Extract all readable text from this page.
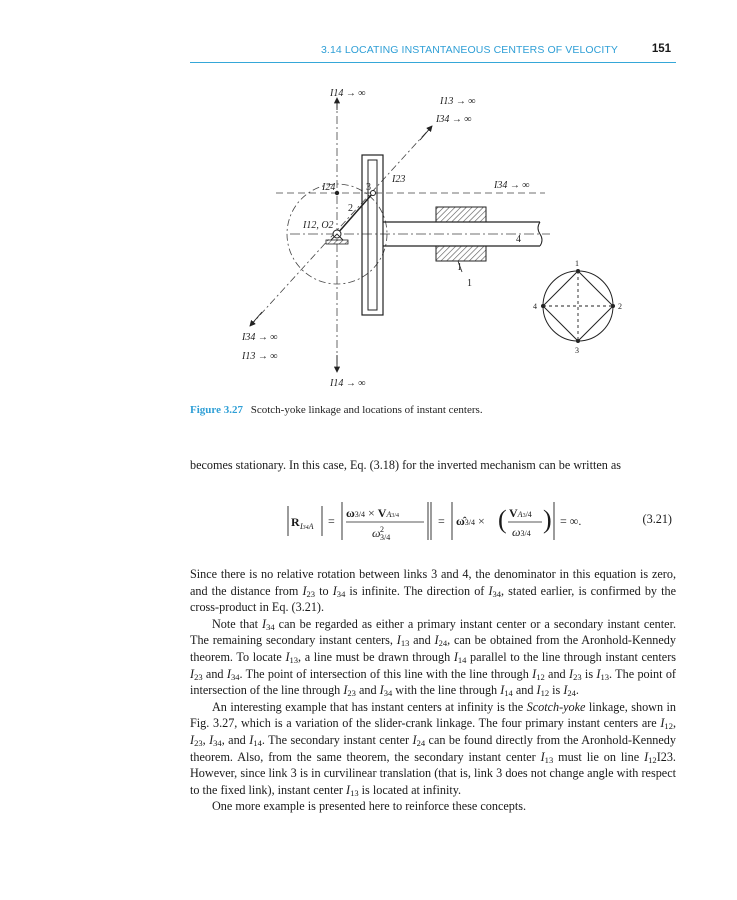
3.14 LOCATING INSTANTANEOUS CENTERS OF VELOCITY	151
I14 → ∞
I13 → ∞
I34 → ∞
I34 → ∞
I24
I23
I12, O2
2
3
4
1
1
I34 → ∞
I13 → ∞
I14 → ∞
1
2
3
4
Figure 3.27 Scotch-yoke linkage and locations of instant centers.
becomes stationary. In this case, Eq. (3.18) for the inverted mechanism can be written as
R I34A =
ω3/4 × VA3/4
ω 2
3/4
= ω̂3/4 × ( VA3/4
ω3/4 ) = ∞.	(3.21)

Since there is no relative rotation between links 3 and 4, the denominator in this equation is zero, and the distance from $I_{23}$ to $I_{34}$ is infinite. The direction of $I_{34}$, stated earlier, is confirmed by the cross-product in Eq. (3.21).

Note that $I_{34}$ can be regarded as either a primary instant center or a secondary instant center. The remaining secondary instant centers, $I_{13}$ and $I_{24}$, can be obtained from the Aronhold-Kennedy theorem. To locate $I_{13}$, a line must be drawn through $I_{14}$ parallel to the line through instant centers $I_{23}$ and $I_{34}$. The point of intersection of this line with the line through $I_{12}$ and $I_{23}$ is $I_{13}$. The point of intersection of the line through $I_{23}$ and $I_{34}$ with the line through $I_{14}$ and $I_{12}$ is $I_{24}$.

An interesting example that has instant centers at infinity is the Scotch-yoke linkage, shown in Fig. 3.27, which is a variation of the slider-crank linkage. The four primary instant centers are $I_{12}$, $I_{23}$, $I_{34}$, and $I_{14}$. The secondary instant center $I_{24}$ can be found directly from the Aronhold-Kennedy theorem. Also, from the same theorem, the secondary instant center $I_{13}$ must lie on line $I_{12}I23$. However, since link 3 is in curvilinear translation (that is, link 3 does not change angle with respect to the fixed link), instant center $I_{13}$ is located at infinity.

One more example is presented here to reinforce these concepts.
